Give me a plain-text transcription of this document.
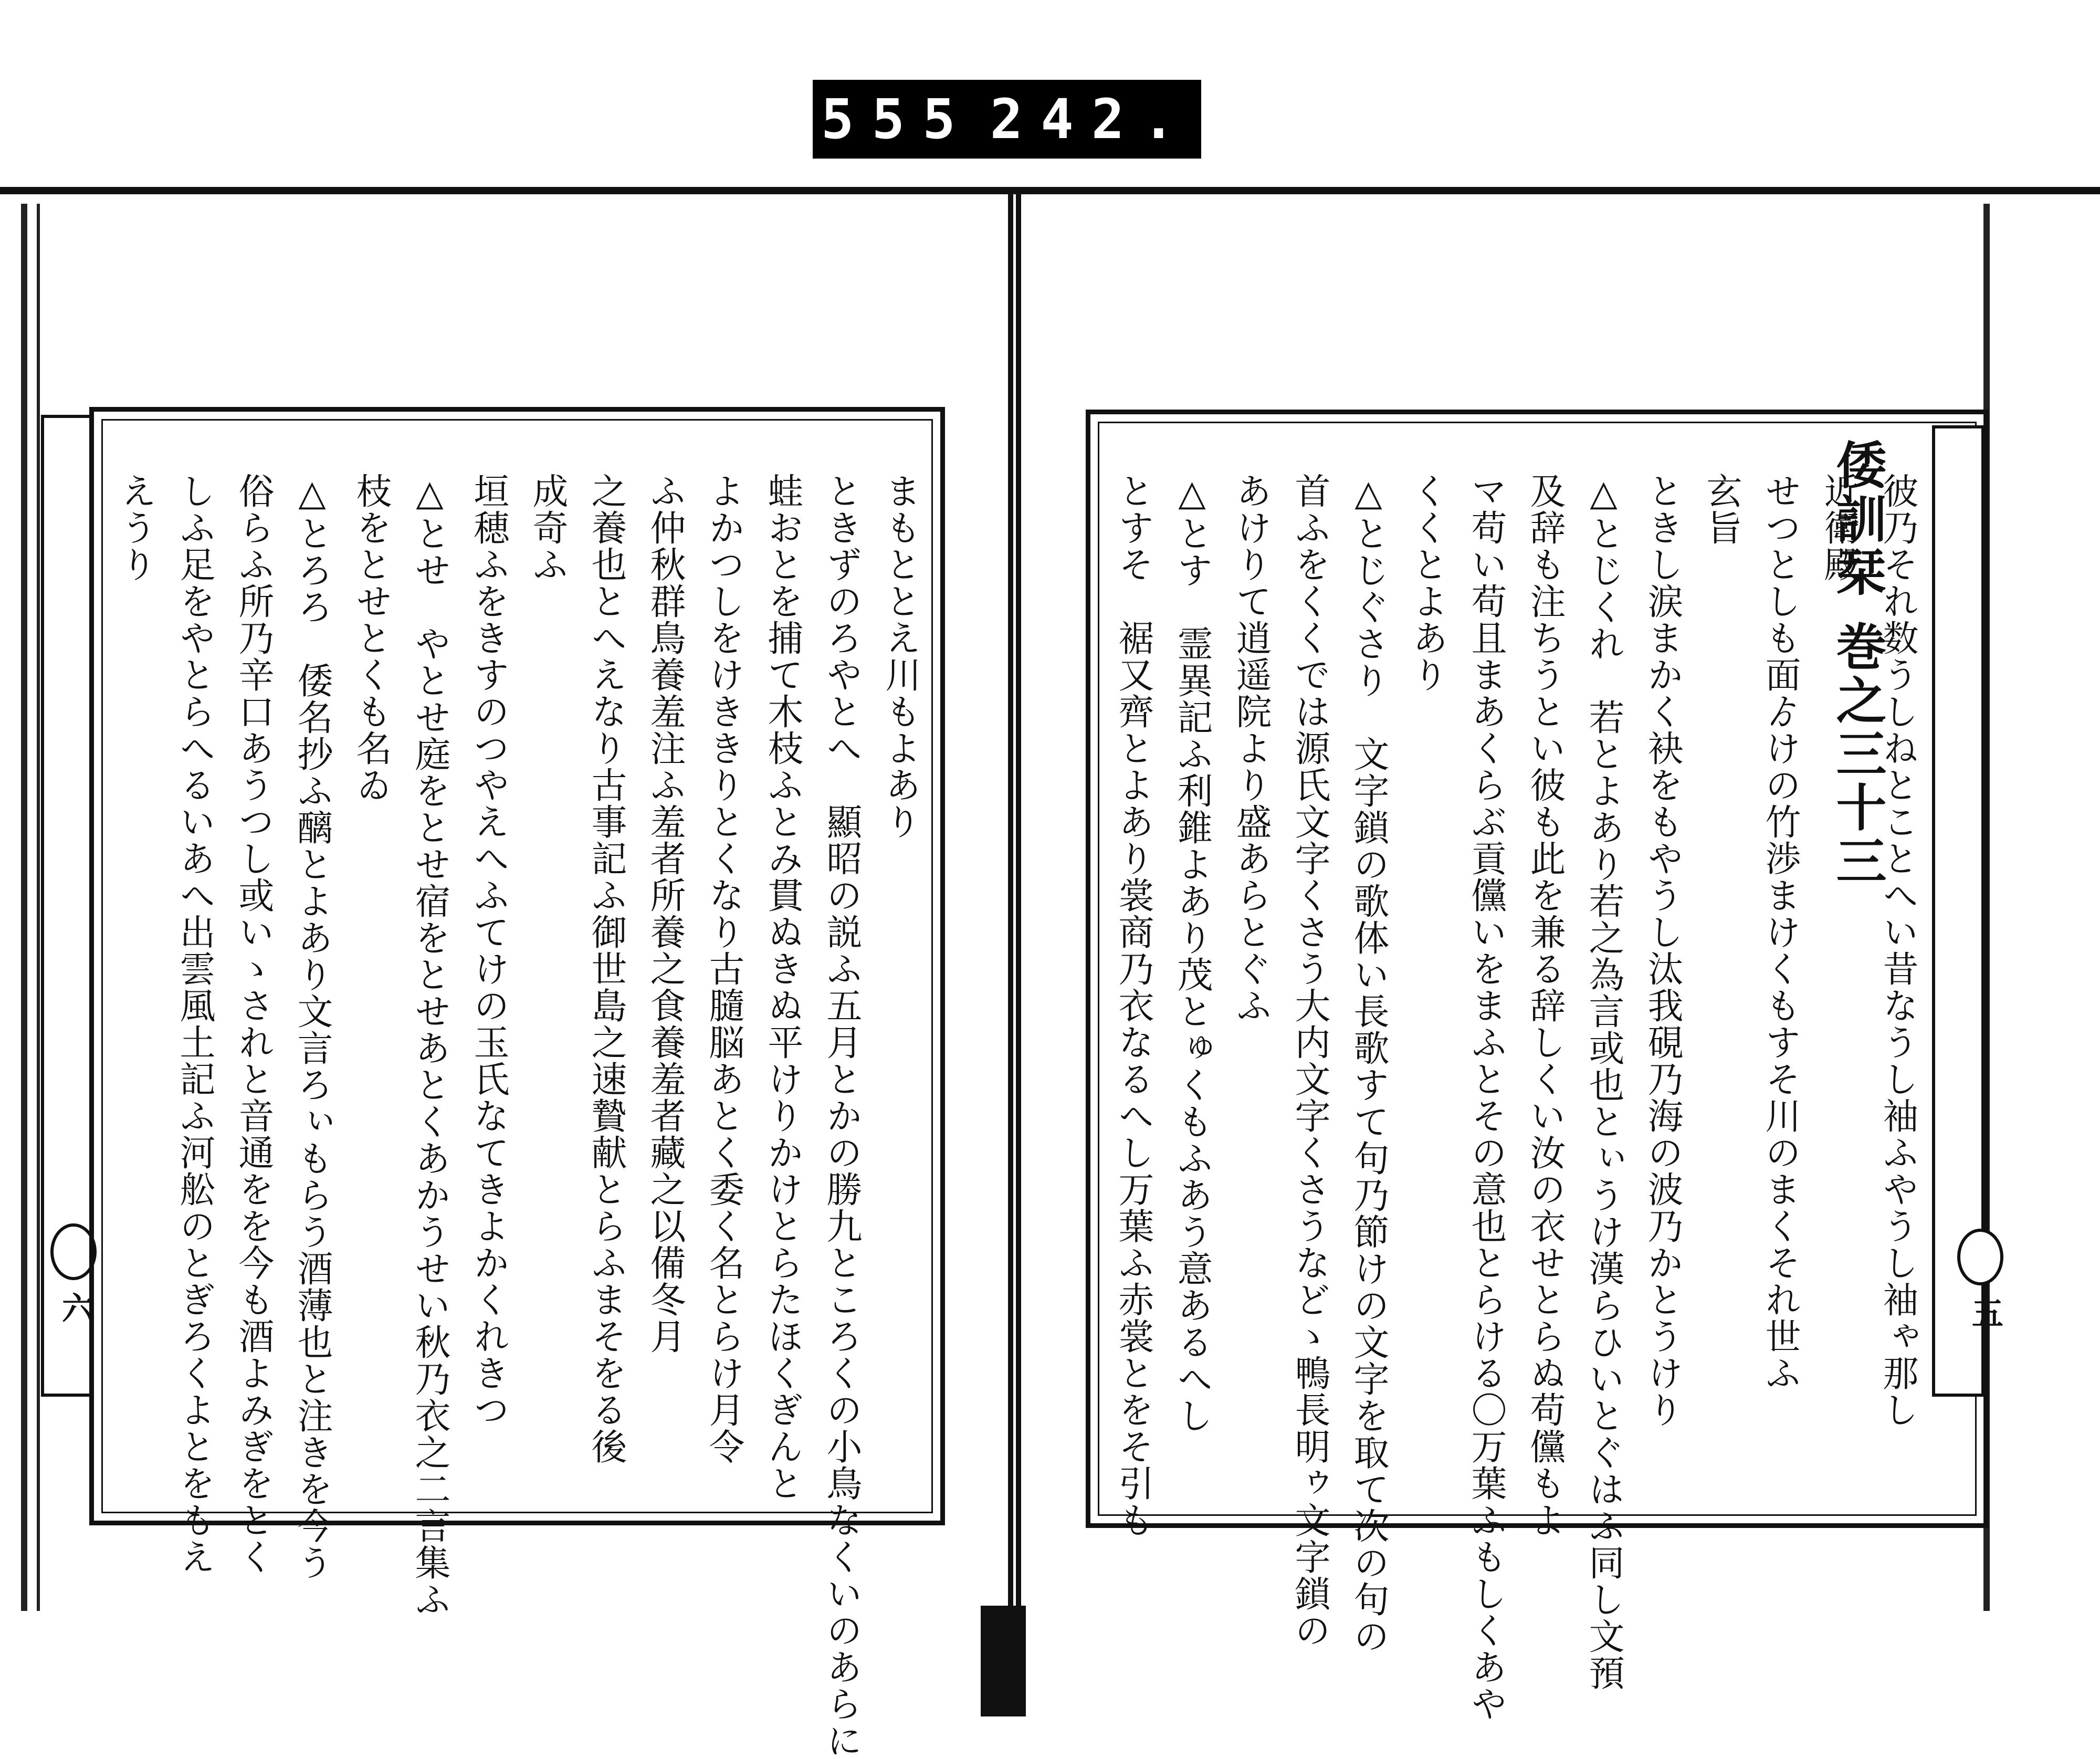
555 242.
六
まもととえ川もよあり
ときずのろやとへ　顯昭の説ふ五月とかの勝九ところくの小鳥なくいのあらに
蛙おとを捕て木枝ふとみ貫ぬきぬ平けりかけとらたほくぎんと
よかつしをけききりとくなり古膸脳あとく委く名とらけ月令
ふ仲秋群鳥養羞注ふ羞者所養之食養羞者藏之以備冬月
之養也とへえなり古事記ふ御世島之速贄献とらふまそをる後
成奇ふ
垣穂ふをきすのつやえへふてけの玉氏なてきよかくれきつ
△とせ　やとせ庭をとせ宿をとせあとくあかうせい秋乃衣之二言集ふ
枝をとせとくも名ゐ
△とろろ　倭名抄ふ醨とよあり文言ろぃもらう酒薄也と注きを今う
俗らふ所乃辛口あうつし或いゝされと音通をを今も酒よみぎをとく
しふ足をやとらへるいあへ出雲風土記ふ河舩のとぎろくよとをもえ
えうり	倭訓栞
巻之三十三
五
彼乃それ数うしねとことへい昔なうし袖ふやうし袖ゃ那し
近衛殿
せつとしも面ゟけの竹渉まけくもすそ川のまくそれ世ふ
玄旨
ときし涙まかく袂をもやうし汰我硯乃海の波乃かとうけり
△とじくれ　若とよあり若之為言或也とぃうけ漢らひいとぐはふ同し文預
及辞も注ちうとい彼も此を兼る辞しくい汝の衣せとらぬ苟儻もよ
マ苟い苟且まあくらぶ貢儻いをまふとその意也とらける〇万葉ふもしくあや
くくとよあり
△とじぐさり　文字鎖の歌体い長歌すて句乃節けの文字を取て次の句の
首ふをくくでは源氏文字くさう大内文字くさうなどゝ鴨長明ゥ文字鎖の
あけりて逍遥院より盛あらとぐふ
△とす　霊異記ふ利錐よあり茂とゅくもふあう意あるへし
とすそ　裾又齊とよあり裳商乃衣なるへし万葉ふ赤裳とをそ引も
